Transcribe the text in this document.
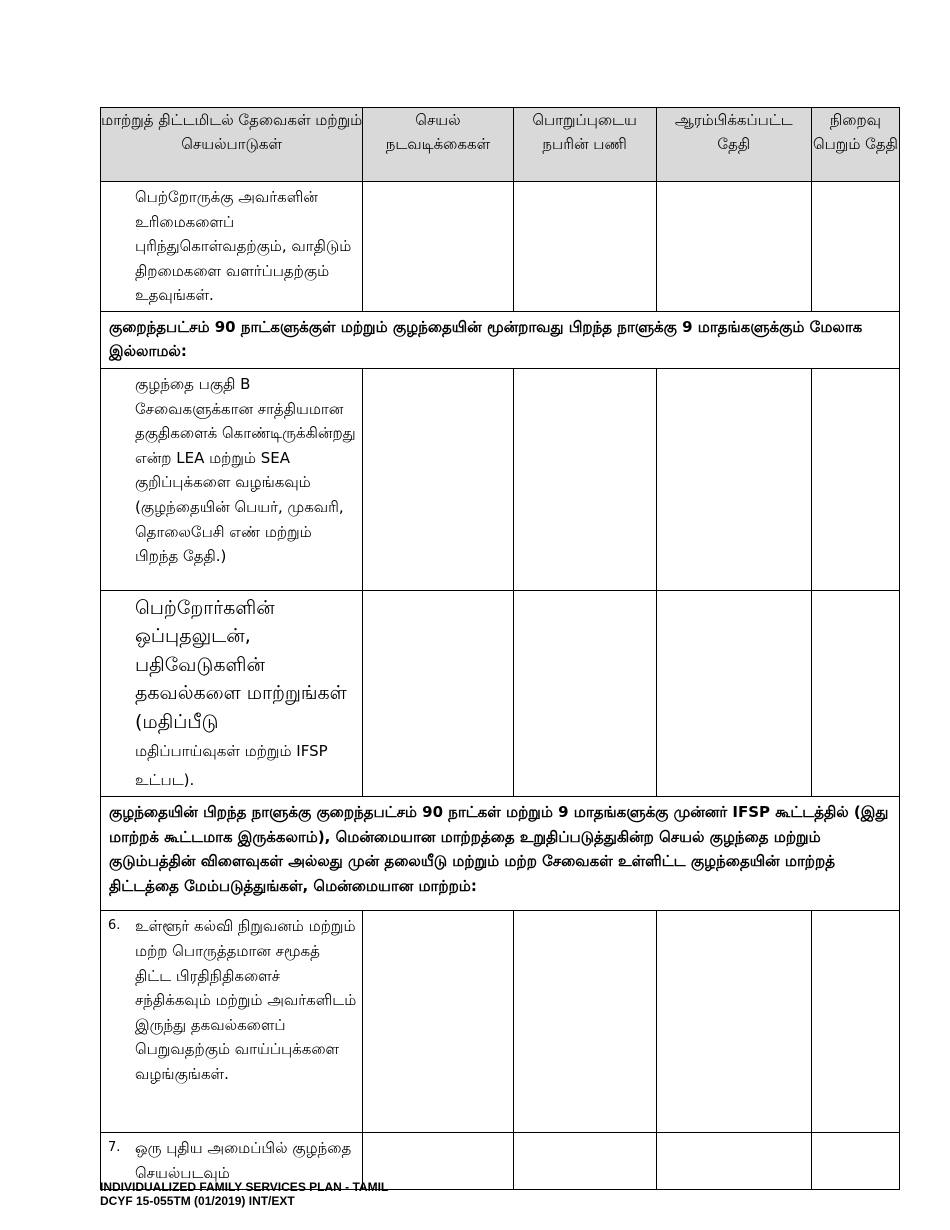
மாற்றுத் திட்டமிடல் தேவைகள் மற்றும் செயல்பாடுகள்	செயல் நடவடிக்கைகள்	பொறுப்புடைய நபரின் பணி	ஆரம்பிக்கப்பட்ட தேதி	நிறைவு பெறும் தேதி

பெற்றோருக்கு அவர்களின் உரிமைகளைப் புரிந்துகொள்வதற்கும், வாதிடும் திறமைகளை வளர்ப்பதற்கும் உதவுங்கள்.				

குறைந்தபட்சம் 90 நாட்களுக்குள் மற்றும் குழந்தையின் மூன்றாவது பிறந்த நாளுக்கு 9 மாதங்களுக்கும் மேலாக இல்லாமல்:				

குழந்தை பகுதி B சேவைகளுக்கான சாத்தியமான தகுதிகளைக் கொண்டிருக்கின்றது என்ற LEA மற்றும் SEA குறிப்புக்களை வழங்கவும் (குழந்தையின் பெயர், முகவரி, தொலைபேசி எண் மற்றும் பிறந்த தேதி.)				

பெற்றோர்களின் ஒப்புதலுடன், பதிவேடுகளின் தகவல்களை மாற்றுங்கள் (மதிப்பீடு
மதிப்பாய்வுகள் மற்றும் IFSP உட்பட).				

குழந்தையின் பிறந்த நாளுக்கு குறைந்தபட்சம் 90 நாட்கள் மற்றும் 9 மாதங்களுக்கு முன்னர் IFSP கூட்டத்தில் (இது மாற்றக் கூட்டமாக இருக்கலாம்), மென்மையான மாற்றத்தை உறுதிப்படுத்துகின்ற செயல் குழந்தை மற்றும் குடும்பத்தின் விளைவுகள் அல்லது முன் தலையீடு மற்றும் மற்ற சேவைகள் உள்ளிட்ட குழந்தையின் மாற்றத் திட்டத்தை மேம்படுத்துங்கள், மென்மையான மாற்றம்:				

6. உள்ளூர் கல்வி நிறுவனம் மற்றும் மற்ற பொருத்தமான சமூகத் திட்ட பிரதிநிதிகளைச் சந்திக்கவும் மற்றும் அவர்களிடம் இருந்து தகவல்களைப் பெறுவதற்கும் வாய்ப்புக்களை வழங்குங்கள்.				

7. ஒரு புதிய அமைப்பில் குழந்தை செயல்படவும்				

INDIVIDUALIZED FAMILY SERVICES PLAN - TAMIL
DCYF 15-055TM (01/2019) INT/EXT
